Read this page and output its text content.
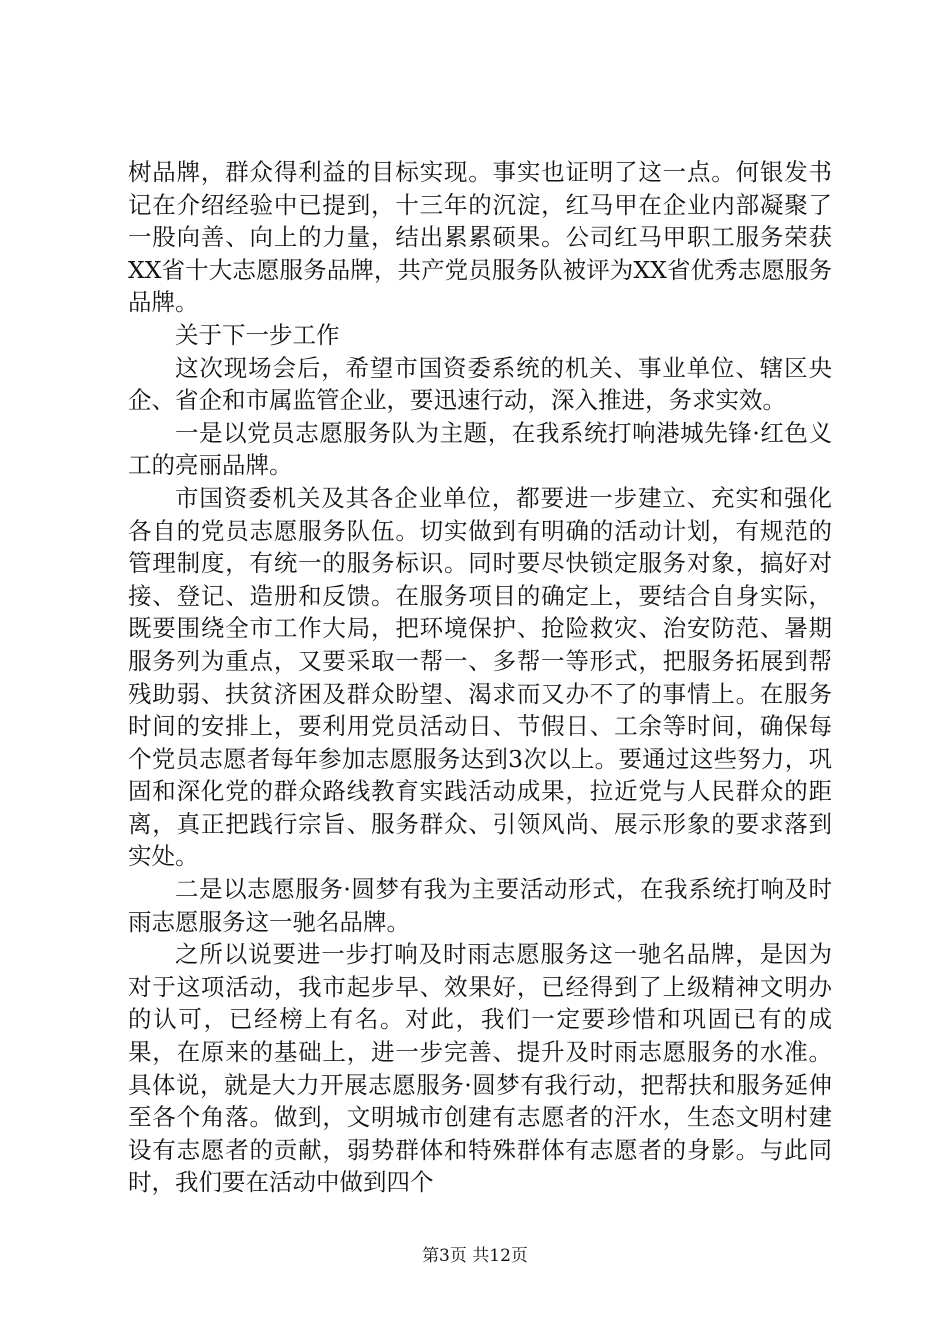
树品牌，群众得利益的目标实现。事实也证明了这一点。何银发书记在介绍经验中已提到，十三年的沉淀，红马甲在企业内部凝聚了一股向善、向上的力量，结出累累硕果。公司红马甲职工服务荣获XX省十大志愿服务品牌，共产党员服务队被评为XX省优秀志愿服务品牌。

关于下一步工作

这次现场会后，希望市国资委系统的机关、事业单位、辖区央企、省企和市属监管企业，要迅速行动，深入推进，务求实效。

一是以党员志愿服务队为主题，在我系统打响港城先锋·红色义工的亮丽品牌。

市国资委机关及其各企业单位，都要进一步建立、充实和强化各自的党员志愿服务队伍。切实做到有明确的活动计划，有规范的管理制度，有统一的服务标识。同时要尽快锁定服务对象，搞好对接、登记、造册和反馈。在服务项目的确定上，要结合自身实际，既要围绕全市工作大局，把环境保护、抢险救灾、治安防范、暑期服务列为重点，又要采取一帮一、多帮一等形式，把服务拓展到帮残助弱、扶贫济困及群众盼望、渴求而又办不了的事情上。在服务时间的安排上，要利用党员活动日、节假日、工余等时间，确保每个党员志愿者每年参加志愿服务达到3次以上。要通过这些努力，巩固和深化党的群众路线教育实践活动成果，拉近党与人民群众的距离，真正把践行宗旨、服务群众、引领风尚、展示形象的要求落到实处。

二是以志愿服务·圆梦有我为主要活动形式，在我系统打响及时雨志愿服务这一驰名品牌。

之所以说要进一步打响及时雨志愿服务这一驰名品牌，是因为对于这项活动，我市起步早、效果好，已经得到了上级精神文明办的认可，已经榜上有名。对此，我们一定要珍惜和巩固已有的成果，在原来的基础上，进一步完善、提升及时雨志愿服务的水准。具体说，就是大力开展志愿服务·圆梦有我行动，把帮扶和服务延伸至各个角落。做到，文明城市创建有志愿者的汗水，生态文明村建设有志愿者的贡献，弱势群体和特殊群体有志愿者的身影。与此同时，我们要在活动中做到四个

第3页 共12页
